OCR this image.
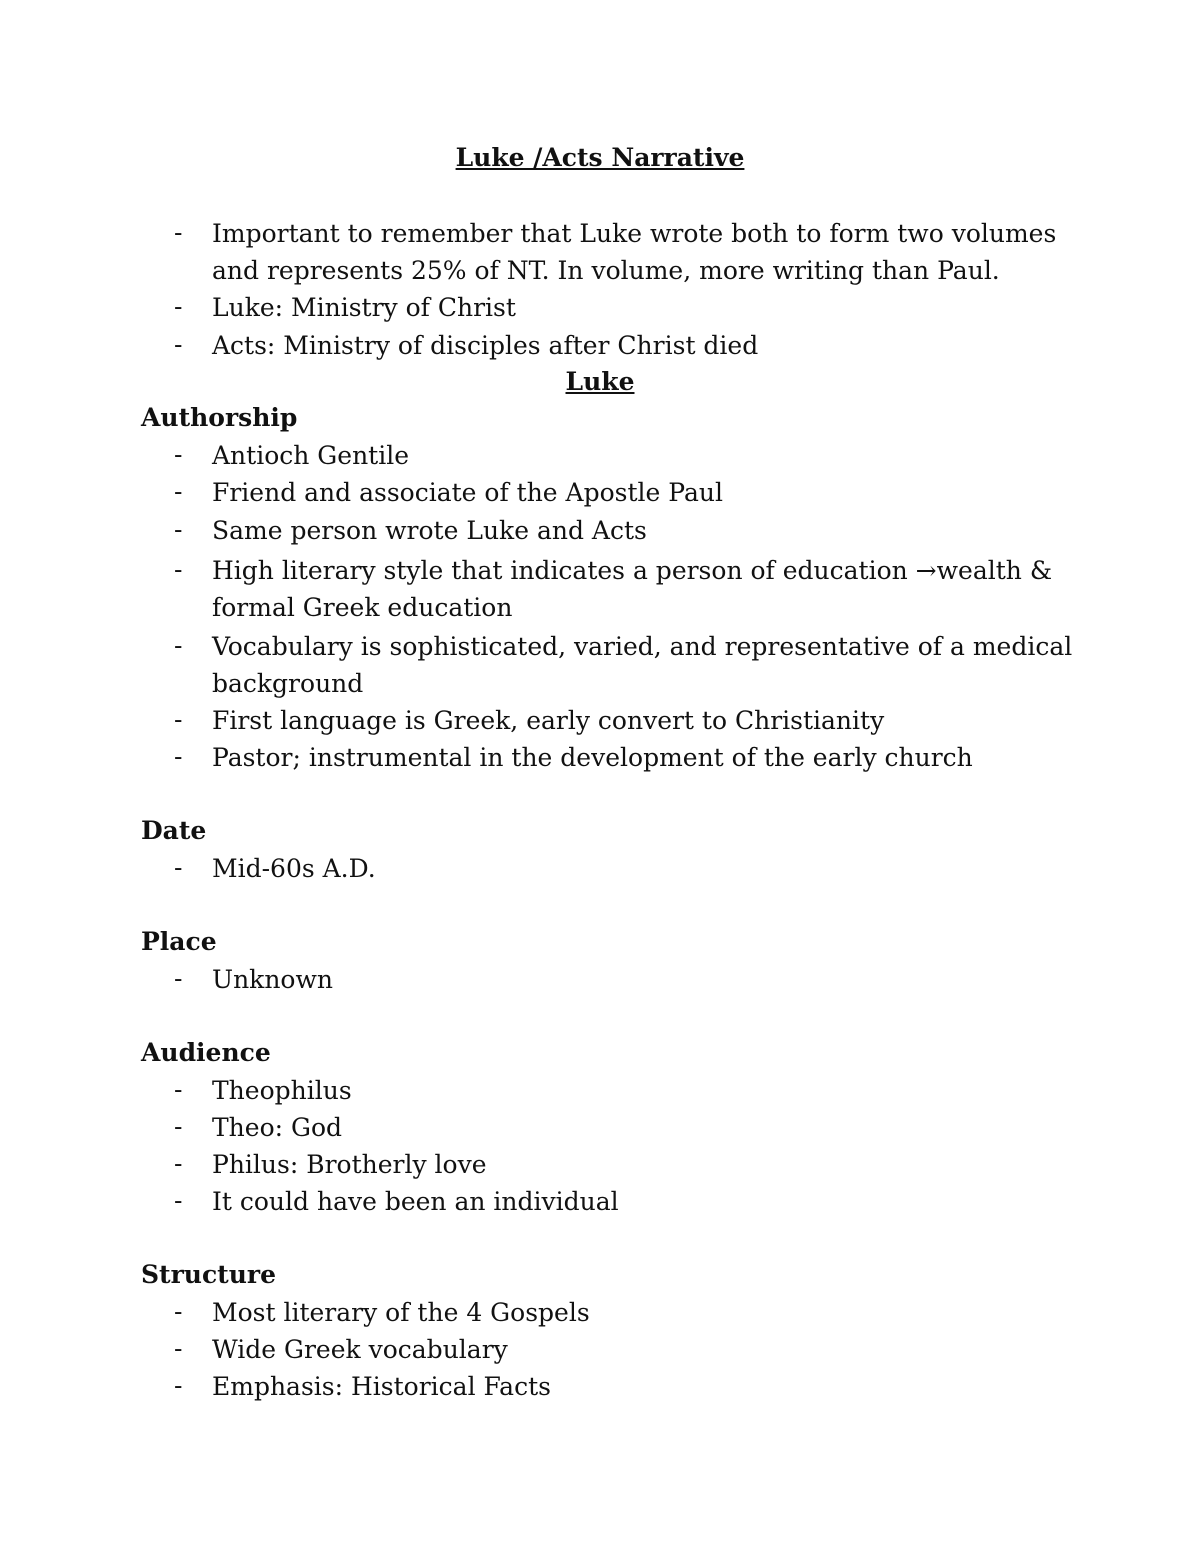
Luke /Acts Narrative
-	Important to remember that Luke wrote both to form two volumes and represents 25% of NT. In volume, more writing than Paul.
-	Luke: Ministry of Christ
-	Acts: Ministry of disciples after Christ died
Luke
Authorship
-	Antioch Gentile
-	Friend and associate of the Apostle Paul
-	Same person wrote Luke and Acts
-	High literary style that indicates a person of education →wealth & formal Greek education
-	Vocabulary is sophisticated, varied, and representative of a medical background
-	First language is Greek, early convert to Christianity
-	Pastor; instrumental in the development of the early church
Date
-	Mid-60s A.D.
Place
-	Unknown
Audience
-	Theophilus
-	Theo: God
-	Philus: Brotherly love
-	It could have been an individual
Structure
-	Most literary of the 4 Gospels
-	Wide Greek vocabulary
-	Emphasis: Historical Facts
